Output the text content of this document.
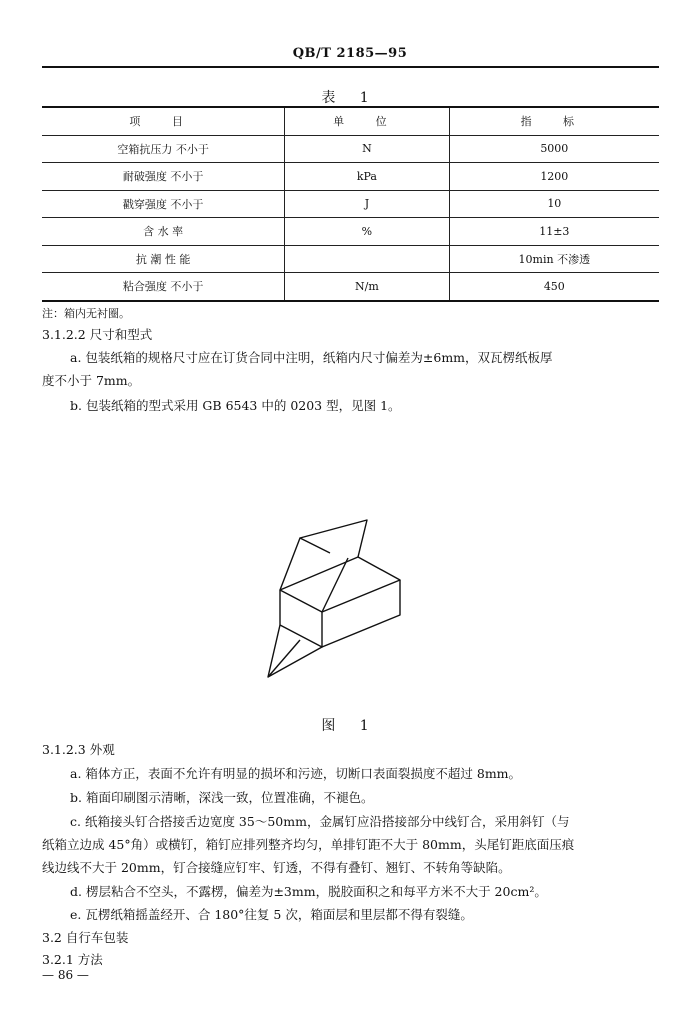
QB/T 2185—95
表 1
项 目	单 位	指 标
空箱抗压力 不小于	N	5000
耐破强度 不小于	kPa	1200
戳穿强度 不小于	J	10
含 水 率	%	11±3
抗 潮 性 能		10min 不渗透
粘合强度 不小于	N/m	450
注：箱内无衬圈。
3.1.2.2 尺寸和型式
a. 包装纸箱的规格尺寸应在订货合同中注明，纸箱内尺寸偏差为±6mm，双瓦楞纸板厚
度不小于 7mm。
b. 包装纸箱的型式采用 GB 6543 中的 0203 型，见图 1。
图 1
3.1.2.3 外观
a. 箱体方正，表面不允许有明显的损坏和污迹，切断口表面裂损度不超过 8mm。
b. 箱面印刷图示清晰，深浅一致，位置准确，不褪色。
c. 纸箱接头钉合搭接舌边宽度 35～50mm，金属钉应沿搭接部分中线钉合，采用斜钉（与
纸箱立边成 45°角）或横钉，箱钉应排列整齐均匀，单排钉距不大于 80mm，头尾钉距底面压痕
线边线不大于 20mm，钉合接缝应钉牢、钉透，不得有叠钉、翘钉、不转角等缺陷。
d. 楞层粘合不空头，不露楞，偏差为±3mm，脱胶面积之和每平方米不大于 20cm²。
e. 瓦楞纸箱摇盖经开、合 180°往复 5 次，箱面层和里层都不得有裂缝。
3.2 自行车包装
3.2.1 方法
— 86 —
